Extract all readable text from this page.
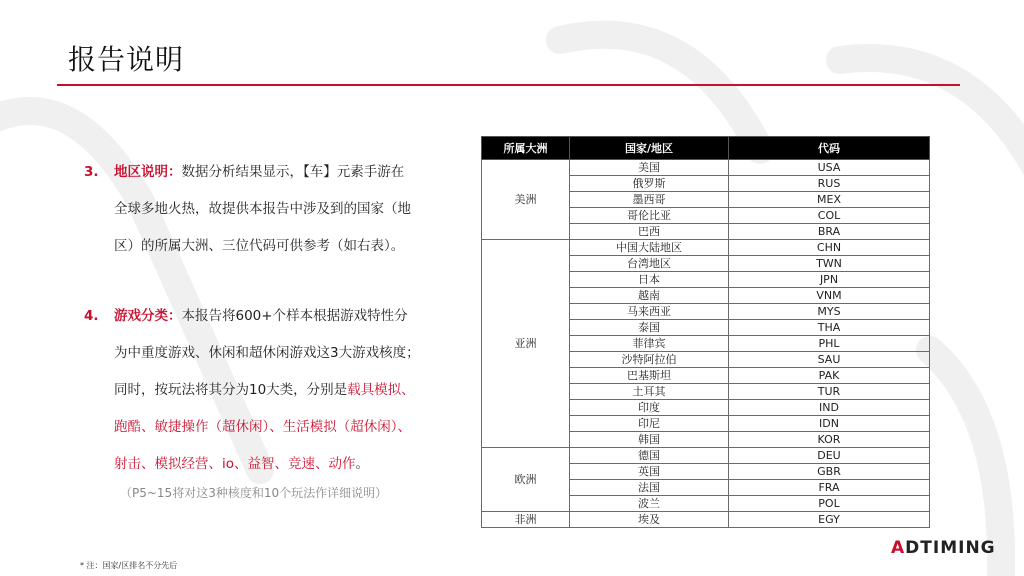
报告说明
3. 地区说明：数据分析结果显示，【车】元素手游在
全球多地火热，故提供本报告中涉及到的国家（地
区）的所属大洲、三位代码可供参考（如右表）。
4. 游戏分类：本报告将600+个样本根据游戏特性分
为中重度游戏、休闲和超休闲游戏这3大游戏核度；
同时，按玩法将其分为10大类，分别是载具模拟、
跑酷、敏捷操作（超休闲）、生活模拟（超休闲）、
射击、模拟经营、io、益智、竞速、动作。
（P5~15将对这3种核度和10个玩法作详细说明）
所属大洲	国家/地区	代码
美洲	美国	USA
	俄罗斯	RUS
	墨西哥	MEX
	哥伦比亚	COL
	巴西	BRA
亚洲	中国大陆地区	CHN
	台湾地区	TWN
	日本	JPN
	越南	VNM
	马来西亚	MYS
	泰国	THA
	菲律宾	PHL
	沙特阿拉伯	SAU
	巴基斯坦	PAK
	土耳其	TUR
	印度	IND
	印尼	IDN
	韩国	KOR
欧洲	德国	DEU
	英国	GBR
	法国	FRA
	波兰	POL
非洲	埃及	EGY
* 注：国家/区排名不分先后
ADTIMING
